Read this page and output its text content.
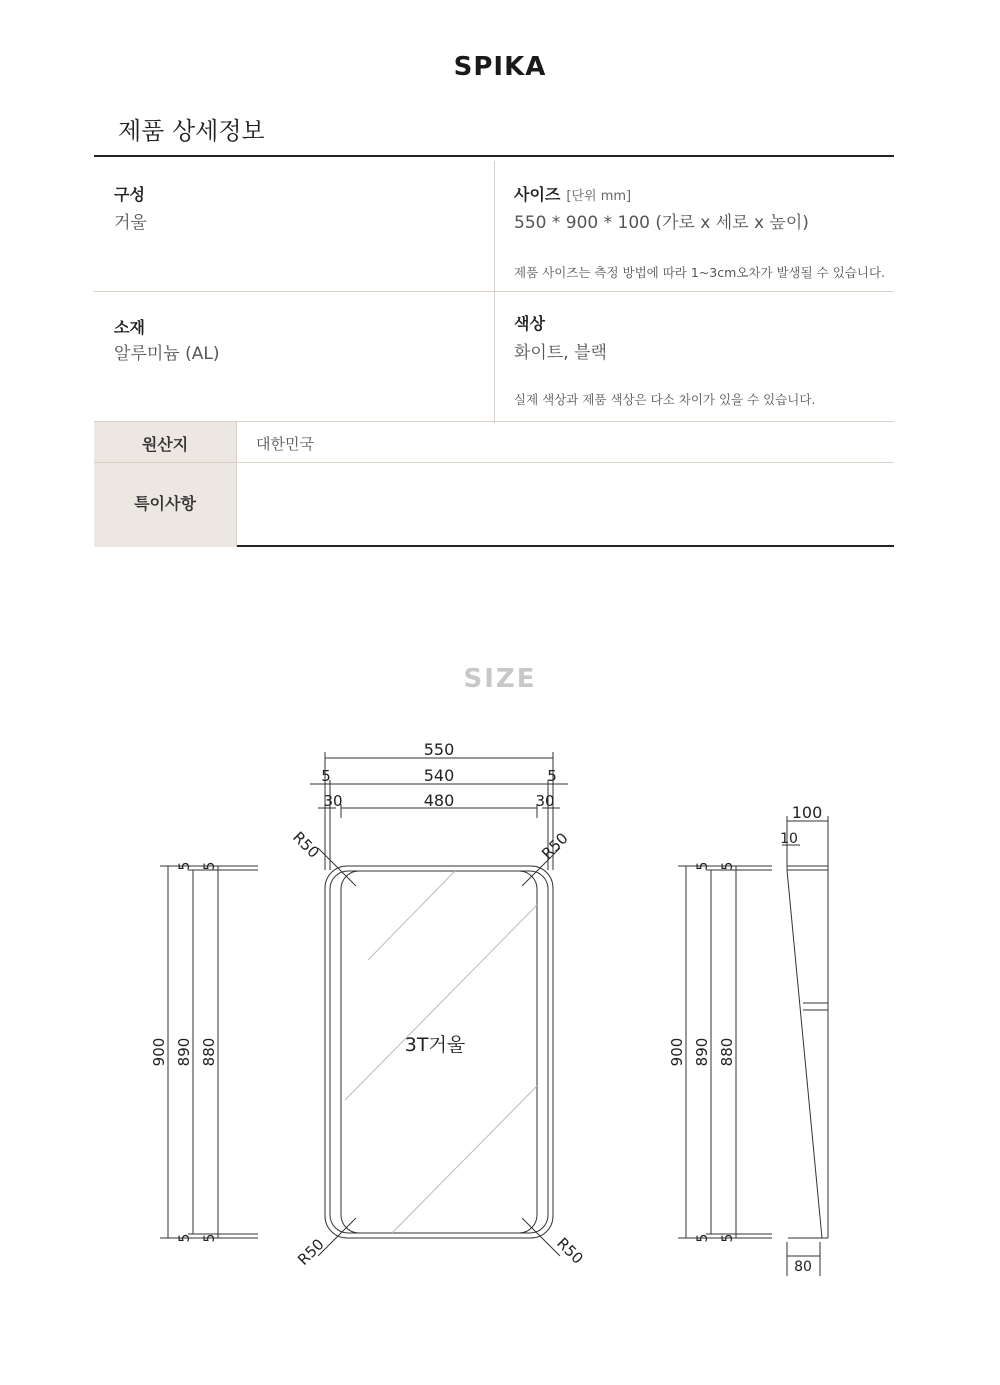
SPIKA
제품 상세정보
구성
거울
사이즈 [단위 mm]
550 * 900 * 100 (가로 x 세로 x 높이)
제품 사이즈는 측정 방법에 따라 1~3cm오차가 발생될 수 있습니다.
소재
알루미늄 (AL)
색상
화이트, 블랙
실제 색상과 제품 색상은 다소 차이가 있을 수 있습니다.
원산지	대한민국
특이사항
SIZE
550
540
480
5	5
30	30
R50	R50
R50	R50
3T거울
900 890 880
5 5
5 5
100
10
80
900 890 880
5 5
5 5
